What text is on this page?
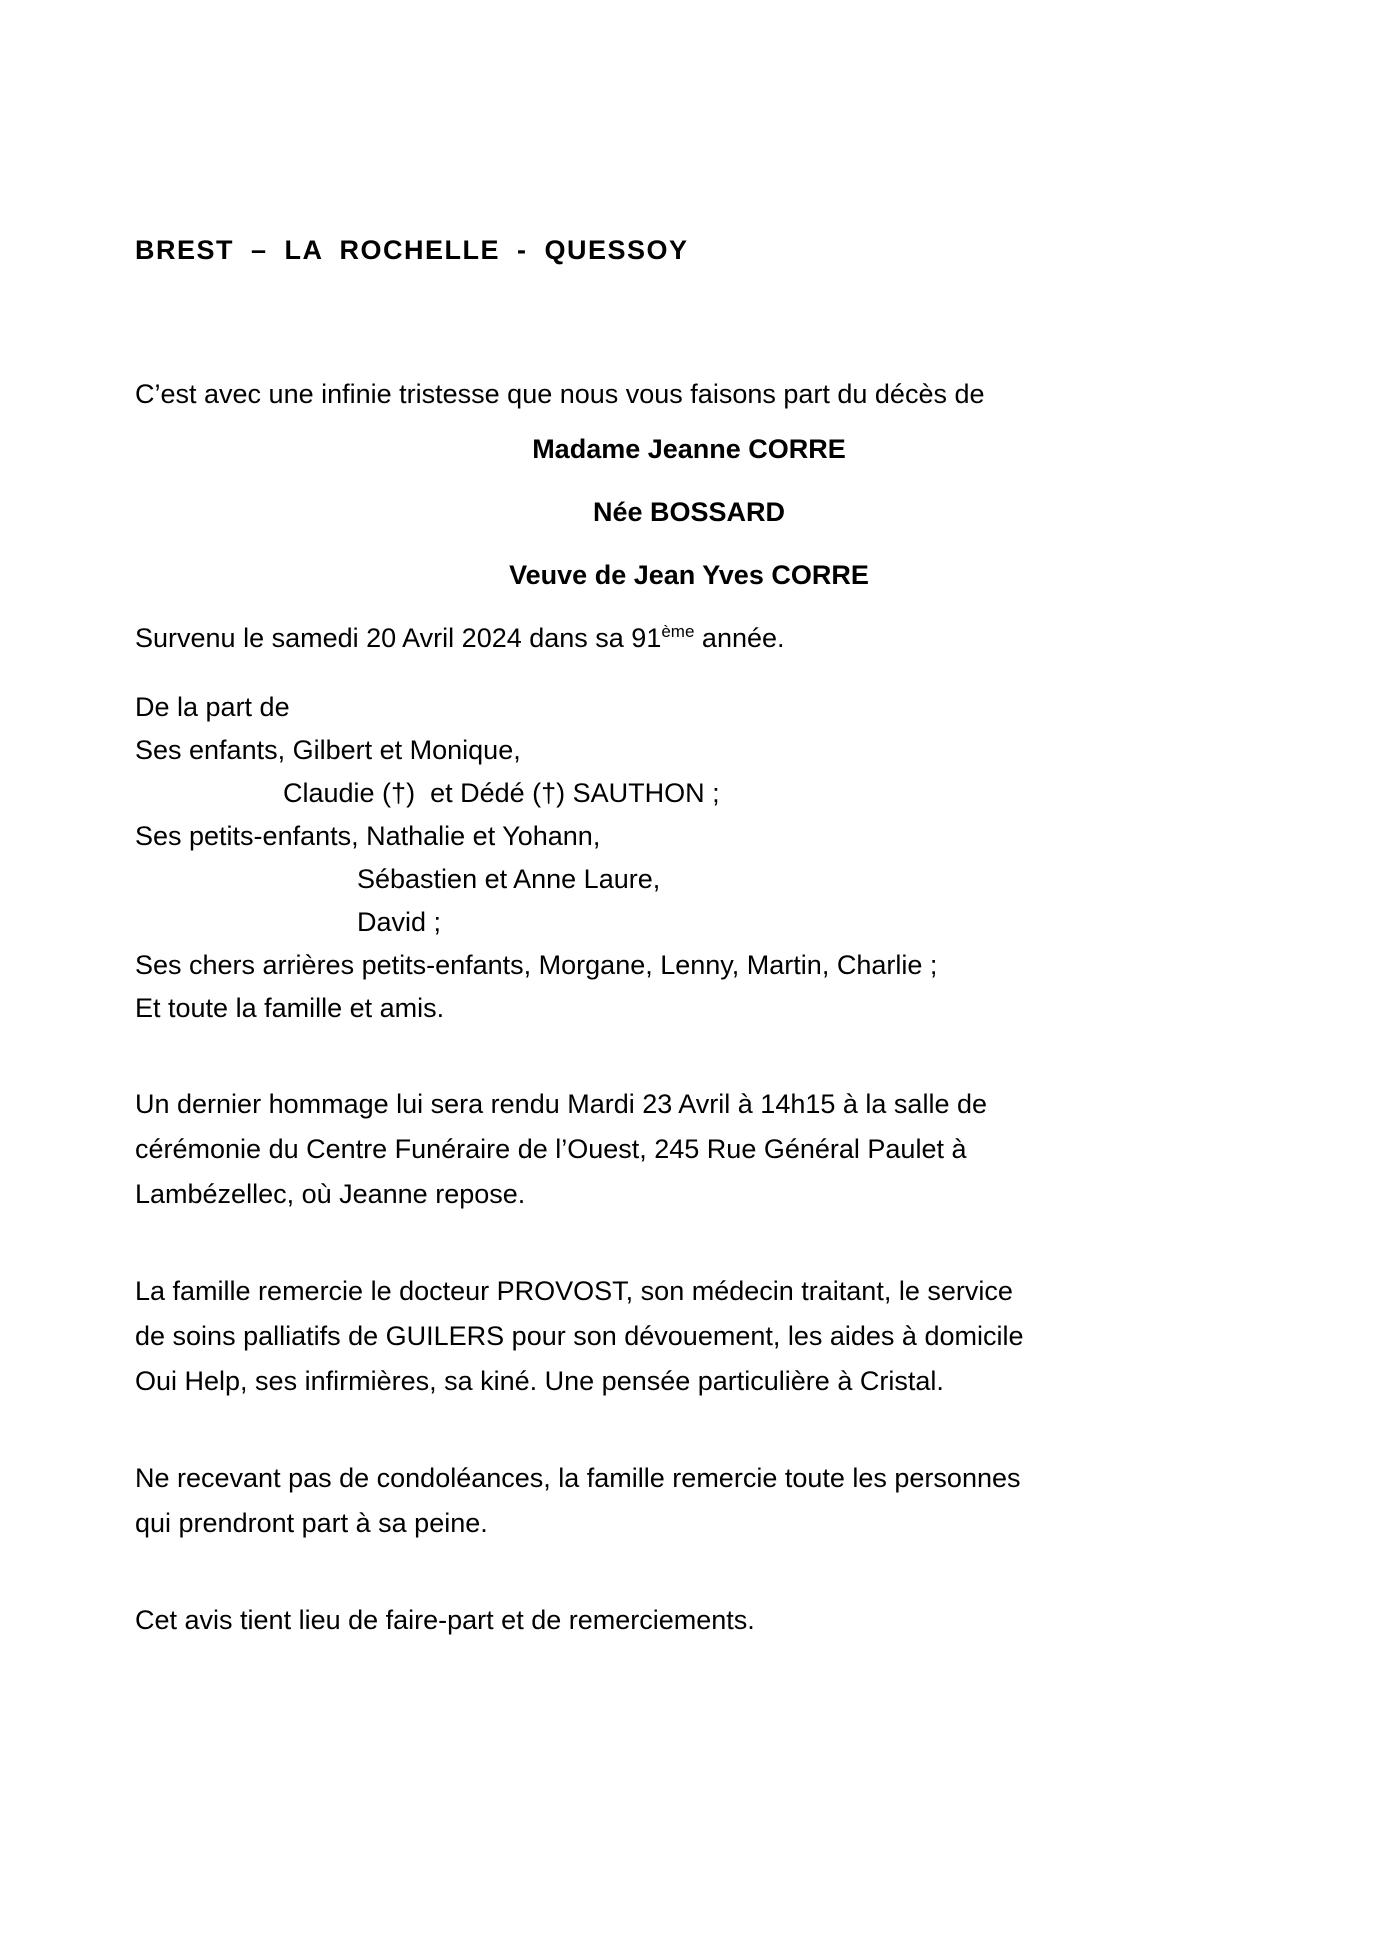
BREST – LA ROCHELLE - QUESSOY
C’est avec une infinie tristesse que nous vous faisons part du décès de
Madame Jeanne CORRE
Née BOSSARD
Veuve de Jean Yves CORRE
Survenu le samedi 20 Avril 2024 dans sa 91ème année.
De la part de
Ses enfants, Gilbert et Monique,
Claudie (†)  et Dédé (†) SAUTHON ;
Ses petits-enfants, Nathalie et Yohann,
Sébastien et Anne Laure,
David ;
Ses chers arrières petits-enfants, Morgane, Lenny, Martin, Charlie ;
Et toute la famille et amis.
Un dernier hommage lui sera rendu Mardi 23 Avril à 14h15 à la salle de
cérémonie du Centre Funéraire de l’Ouest, 245 Rue Général Paulet à
Lambézellec, où Jeanne repose.
La famille remercie le docteur PROVOST, son médecin traitant, le service
de soins palliatifs de GUILERS pour son dévouement, les aides à domicile
Oui Help, ses infirmières, sa kiné. Une pensée particulière à Cristal.
Ne recevant pas de condoléances, la famille remercie toute les personnes
qui prendront part à sa peine.
Cet avis tient lieu de faire-part et de remerciements.
